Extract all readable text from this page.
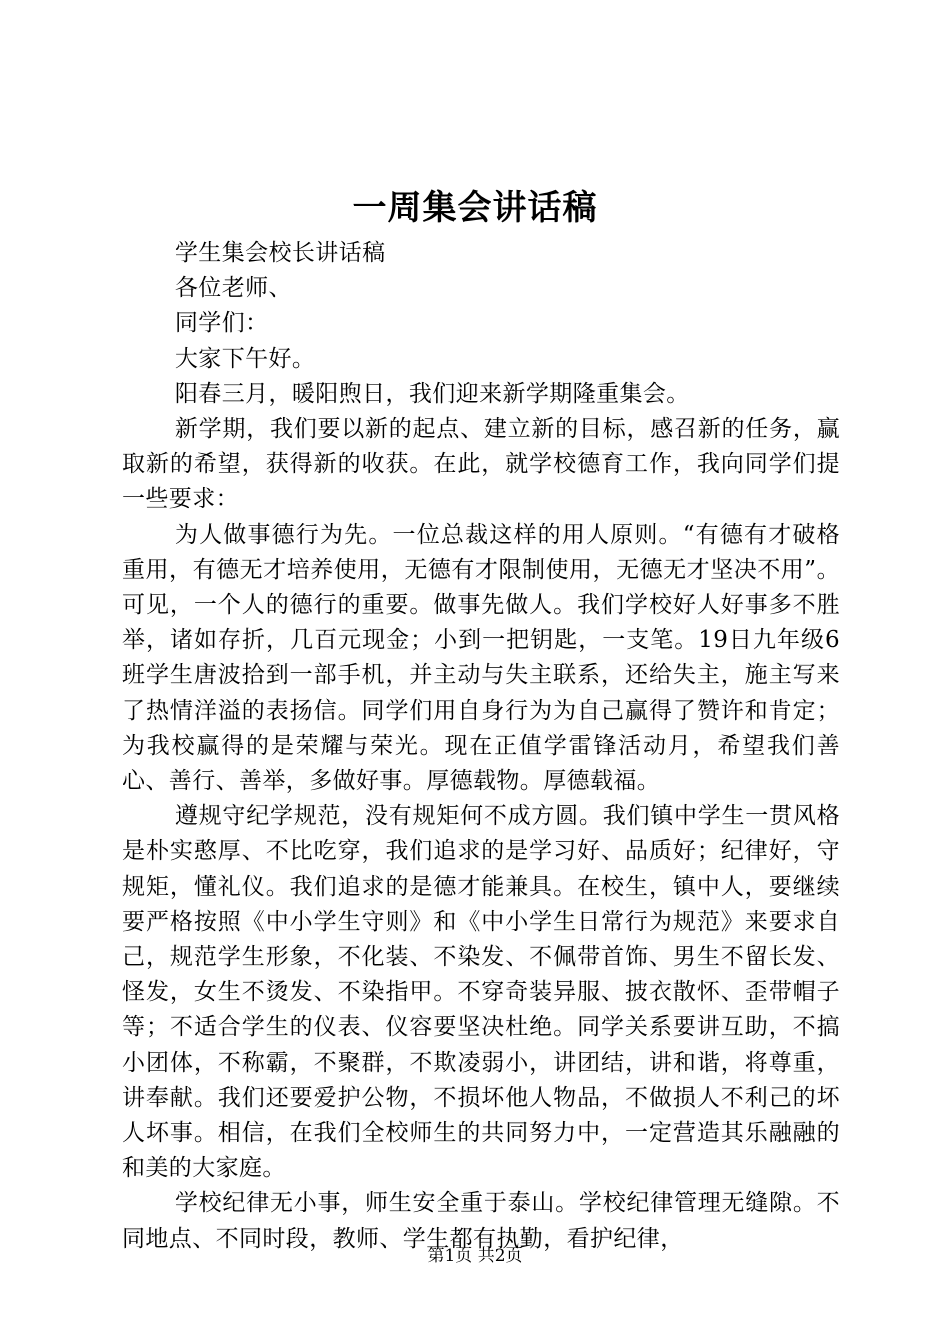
一周集会讲话稿

学生集会校长讲话稿

各位老师、

同学们：

大家下午好。

阳春三月，暖阳煦日，我们迎来新学期隆重集会。

新学期，我们要以新的起点、建立新的目标，感召新的任务，赢取新的希望，获得新的收获。在此，就学校德育工作，我向同学们提一些要求：

为人做事德行为先。一位总裁这样的用人原则。“有德有才破格重用，有德无才培养使用，无德有才限制使用，无德无才坚决不用”。可见，一个人的德行的重要。做事先做人。我们学校好人好事多不胜举，诸如存折，几百元现金；小到一把钥匙，一支笔。19日九年级6班学生唐波拾到一部手机，并主动与失主联系，还给失主，施主写来了热情洋溢的表扬信。同学们用自身行为为自己赢得了赞许和肯定；为我校赢得的是荣耀与荣光。现在正值学雷锋活动月，希望我们善心、善行、善举，多做好事。厚德载物。厚德载福。

遵规守纪学规范，没有规矩何不成方圆。我们镇中学生一贯风格是朴实憨厚、不比吃穿，我们追求的是学习好、品质好；纪律好，守规矩，懂礼仪。我们追求的是德才能兼具。在校生，镇中人，要继续要严格按照《中小学生守则》和《中小学生日常行为规范》来要求自己，规范学生形象，不化装、不染发、不佩带首饰、男生不留长发、怪发，女生不烫发、不染指甲。不穿奇装异服、披衣散怀、歪带帽子等；不适合学生的仪表、仪容要坚决杜绝。同学关系要讲互助，不搞小团体，不称霸，不聚群，不欺凌弱小，讲团结，讲和谐，将尊重，讲奉献。我们还要爱护公物，不损坏他人物品，不做损人不利己的坏人坏事。相信，在我们全校师生的共同努力中，一定营造其乐融融的和美的大家庭。

学校纪律无小事，师生安全重于泰山。学校纪律管理无缝隙。不同地点、不同时段，教师、学生都有执勤，看护纪律，

第1页 共2页
